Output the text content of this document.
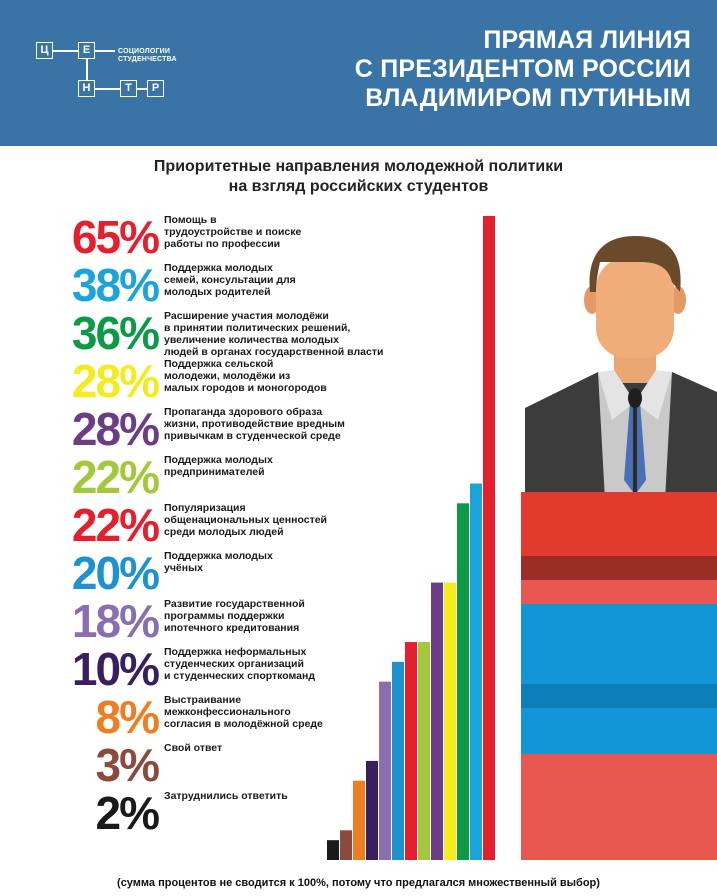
Ц	Е
Н	Т	Р
СОЦИОЛОГИИ
СТУДЕНЧЕСТВА
ПРЯМАЯ ЛИНИЯ
С ПРЕЗИДЕНТОМ РОССИИ
ВЛАДИМИРОМ ПУТИНЫМ
Приоритетные направления молодежной политики
на взгляд российских студентов
65% Помощь в
трудоустройстве и поиске
работы по профессии
38% Поддержка молодых
семей, консультации для
молодых родителей
36% Расширение участия молодёжи
в принятии политических решений,
увеличение количества молодых
людей в органах государственной власти
28% Поддержка сельской
молодежи, молодёжи из
малых городов и моногородов
28% Пропаганда здорового образа
жизни, противодействие вредным
привычкам в студенческой среде
22% Поддержка молодых
предпринимателей
22% Популяризация
общенациональных ценностей
среди молодых людей
20% Поддержка молодых
учёных
18% Развитие государственной
программы поддержки
ипотечного кредитования
10% Поддержка неформальных
студенческих организаций
и студенческих спорткоманд
8% Выстраивание
межконфессионального
согласия в молодёжной среде
3% Свой ответ
2% Затруднились ответить
(сумма процентов не сводится к 100%, потому что предлагался множественный выбор)
